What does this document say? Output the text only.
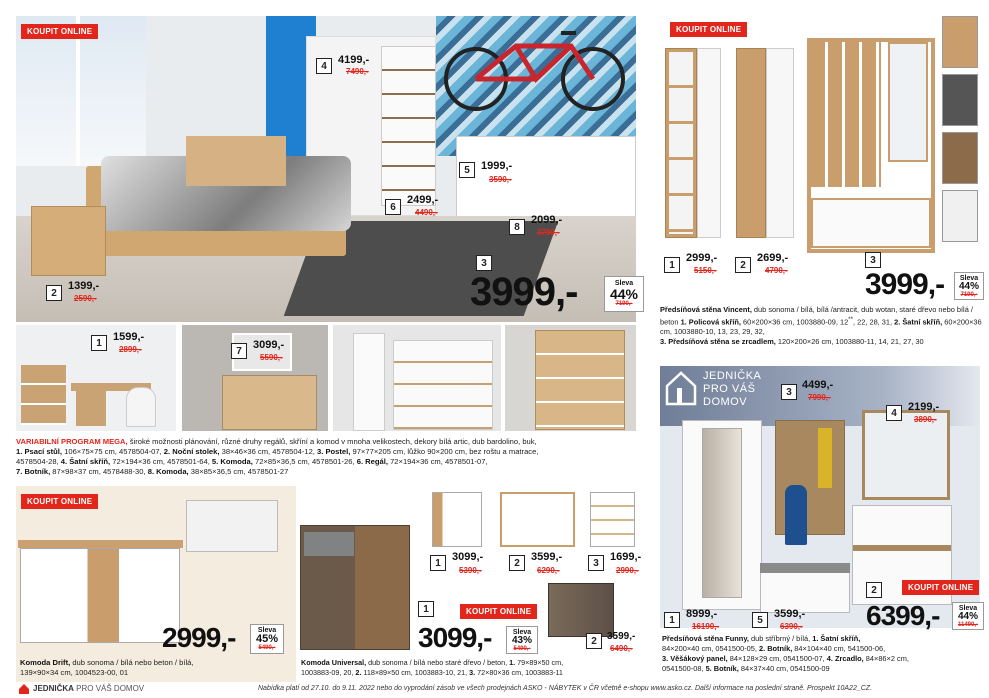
KOUPIT ONLINE
4	4199,-
7490,-
5	1999,-
3590,-
6
2499,-
4490,-
8
2099,-
3790,-
3
2
1399,-
2590,-	3999,-	Sleva
44%
7190,-
1	1599,-
2899,-	7	3099,-
5590,-
VARIABILNÍ PROGRAM MEGA, široké možnosti plánování, různé druhy regálů, skříní a komod v mnoha velikostech, dekory bílá artic, dub bardolino, buk,
1. Psací stůl, 106×75×75 cm, 4578504-07, 2. Noční stolek, 38×46×36 cm, 4578504-12, 3. Postel, 97×77×205 cm, lůžko 90×200 cm, bez roštu a matrace,
4578504-28, 4. Šatní skříň, 72×194×36 cm, 4578501-64, 5. Komoda, 72×85×36,5 cm, 4578501-26, 6. Regál, 72×194×36 cm, 4578501-07,
7. Botník, 87×98×37 cm, 4578488-30, 8. Komoda, 38×85×36,5 cm, 4578501-27
KOUPIT ONLINE
2999,-	Sleva
45%
5490,-
Komoda Drift, dub sonoma / bílá nebo beton / bílá,
139×90×34 cm, 1004523-00, 01
1	3099,-
5390,-
2	3599,-
6290,-
3	1699,-
2990,-
KOUPIT ONLINE
1
3099,-	Sleva
43%
5490,-
2	3599,-
6490,-
Komoda Universal, dub sonoma / bílá nebo staré dřevo / beton, 1. 79×89×50 cm,
1003883-09, 20, 2. 118×89×50 cm, 1003883-10, 21, 3. 72×80×36 cm, 1003883-11
KOUPIT ONLINE
1
2999,-
5150,-	2
2699,-
4790,-
3
3999,-	Sleva
44%
7190,-
Předsíňová stěna Vincent, dub sonoma / bílá, bílá /antracit, dub wotan, staré dřevo nebo bílá / beton 1. Policová skříň, 60×200×36 cm, 1003880-09, 12**, 22, 28, 31, 2. Šatní skříň, 60×200×36 cm, 1003880-10, 13, 23, 29, 32,
3. Předsíňová stěna se zrcadlem, 120×200×26 cm, 1003880-11, 14, 21, 27, 30
JEDNIČKA
PRO VÁŠ
DOMOV
3
4499,-
7990,-
4	2199,-
3890,-
1	8999,-
16190,-
5	3599,-
6390,-
2	KOUPIT ONLINE
6399,-	Sleva
44%
11490,-
Předsíňová stěna Funny, dub stříbrný / bílá, 1. Šatní skříň,
84×200×40 cm, 0541500-05, 2. Botník, 84×104×40 cm, 541500-06,
3. Věšákový panel, 84×128×29 cm, 0541500-07, 4. Zrcadlo, 84×86×2 cm,
0541500-08, 5. Botník, 84×37×40 cm, 0541500-09
JEDNIČKA PRO VÁŠ DOMOV	Nabídka platí od 27.10. do 9.11. 2022 nebo do vyprodání zásob ve všech prodejnách ASKO - NÁBYTEK v ČR včetně e-shopu www.asko.cz. Další informace na poslední straně. Prospekt 10A22_CZ.
